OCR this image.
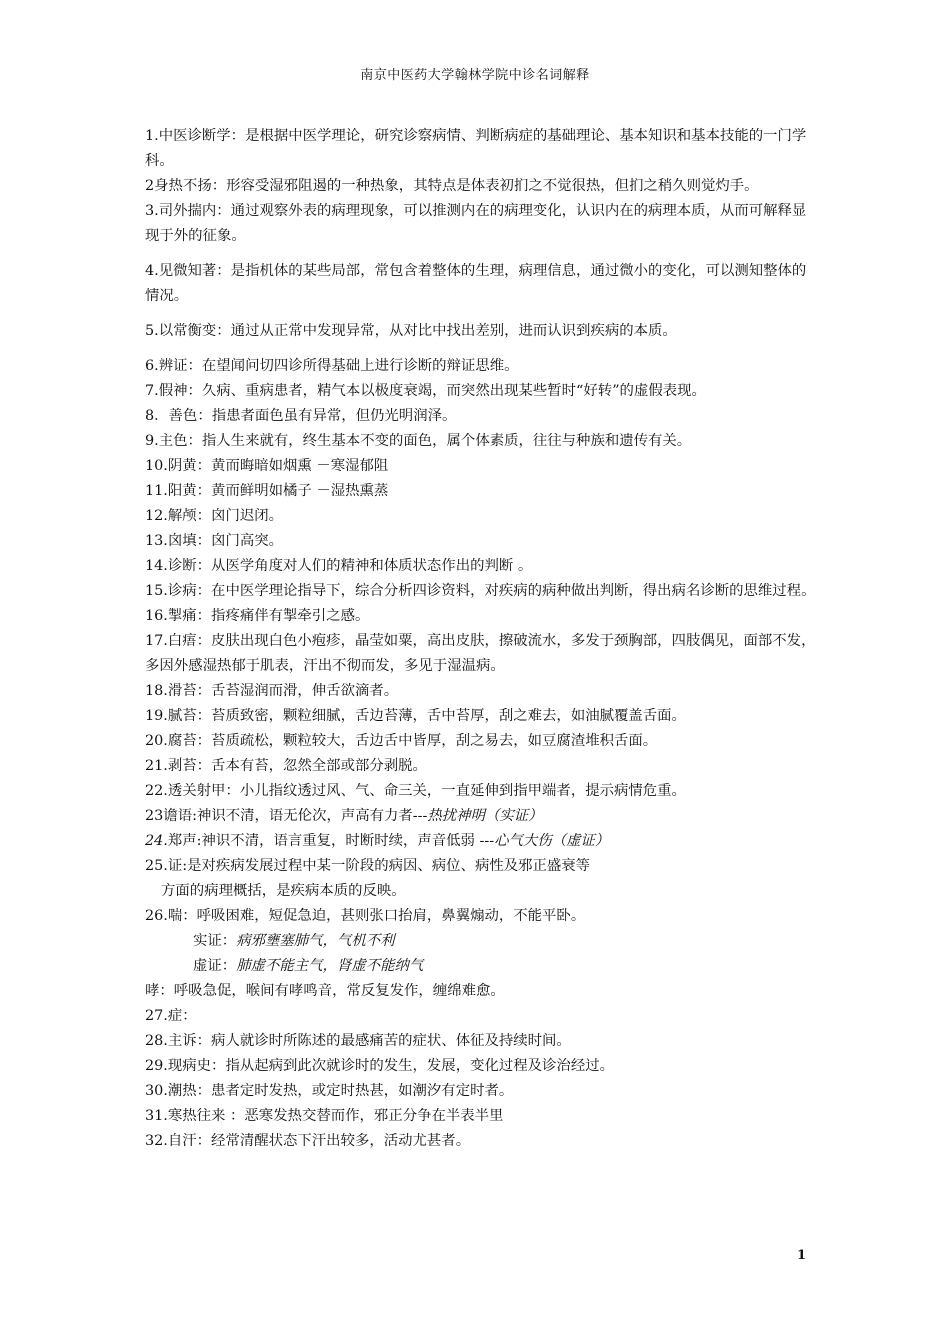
南京中医药大学翰林学院中诊名词解释

1.中医诊断学：是根据中医学理论，研究诊察病情、判断病症的基础理论、基本知识和基本技能的一门学科。

2身热不扬：形容受湿邪阻遏的一种热象，其特点是体表初扪之不觉很热，但扪之稍久则觉灼手。

3.司外揣内：通过观察外表的病理现象，可以推测内在的病理变化，认识内在的病理本质，从而可解释显现于外的征象。

4.见微知著：是指机体的某些局部，常包含着整体的生理，病理信息，通过微小的变化，可以测知整体的情况。

5.以常衡变：通过从正常中发现异常，从对比中找出差别，进而认识到疾病的本质。

6.辨证：在望闻问切四诊所得基础上进行诊断的辩证思维。

7.假神：久病、重病患者，精气本以极度衰竭，而突然出现某些暂时“好转”的虚假表现。

8．善色：指患者面色虽有异常，但仍光明润泽。

9.主色：指人生来就有，终生基本不变的面色，属个体素质，往往与种族和遗传有关。

10.阴黄：黄而晦暗如烟熏 －寒湿郁阻

11.阳黄：黄而鲜明如橘子 －湿热熏蒸

12.解颅：囟门迟闭。

13.囟填：囟门高突。

14.诊断：从医学角度对人们的精神和体质状态作出的判断 。

15.诊病：在中医学理论指导下，综合分析四诊资料，对疾病的病种做出判断，得出病名诊断的思维过程。

16.掣痛：指疼痛伴有掣牵引之感。

17.白痦：皮肤出现白色小疱疹，晶莹如粟，高出皮肤，擦破流水，多发于颈胸部，四肢偶见，面部不发，多因外感湿热郁于肌表，汗出不彻而发，多见于湿温病。

18.滑苔：舌苔湿润而滑，伸舌欲滴者。

19.腻苔：苔质致密，颗粒细腻，舌边苔薄，舌中苔厚，刮之难去，如油腻覆盖舌面。

20.腐苔：苔质疏松，颗粒较大，舌边舌中皆厚，刮之易去，如豆腐渣堆积舌面。

21.剥苔：舌本有苔，忽然全部或部分剥脱。

22.透关射甲：小儿指纹透过风、气、命三关，一直延伸到指甲端者，提示病情危重。

23谵语:神识不清，语无伦次，声高有力者---热扰神明（实证）

24.郑声:神识不清，语言重复，时断时续，声音低弱 ---心气大伤（虚证）

25.证:是对疾病发展过程中某一阶段的病因、病位、病性及邪正盛衰等

方面的病理概括，是疾病本质的反映。

26.喘：呼吸困难，短促急迫，甚则张口抬肩，鼻翼煽动，不能平卧。

实证：病邪壅塞肺气，气机不利

虚证：肺虚不能主气，肾虚不能纳气

哮：呼吸急促，喉间有哮鸣音，常反复发作，缠绵难愈。

27.症：

28.主诉：病人就诊时所陈述的最感痛苦的症状、体征及持续时间。

29.现病史：指从起病到此次就诊时的发生，发展，变化过程及诊治经过。

30.潮热：患者定时发热，或定时热甚，如潮汐有定时者。

31.寒热往来 ：恶寒发热交替而作，邪正分争在半表半里

32.自汗：经常清醒状态下汗出较多，活动尤甚者。

1
